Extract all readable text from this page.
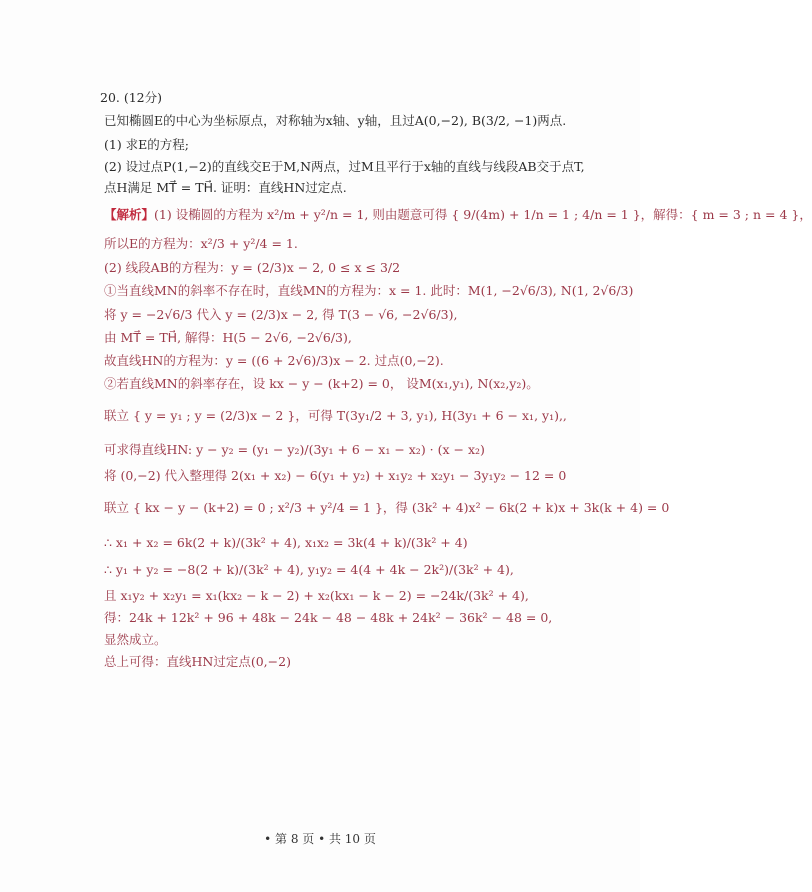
20. (12分)
已知椭圆E的中心为坐标原点，对称轴为x轴、y轴，且过A(0,−2), B(3/2, −1)两点.
(1) 求E的方程;
(2) 设过点P(1,−2)的直线交E于M,N两点，过M且平行于x轴的直线与线段AB交于点T,
点H满足 MT⃗ = TH⃗. 证明：直线HN过定点.
【解析】(1) 设椭圆的方程为 x²/m + y²/n = 1, 则由题意可得 { 9/(4m) + 1/n = 1 ; 4/n = 1 }，解得：{ m = 3 ; n = 4 }，
所以E的方程为：x²/3 + y²/4 = 1.
(2) 线段AB的方程为：y = (2/3)x − 2, 0 ≤ x ≤ 3/2
①当直线MN的斜率不存在时，直线MN的方程为：x = 1. 此时：M(1, −2√6/3), N(1, 2√6/3)
将 y = −2√6/3 代入 y = (2/3)x − 2, 得 T(3 − √6, −2√6/3),
由 MT⃗ = TH⃗, 解得：H(5 − 2√6, −2√6/3),
故直线HN的方程为：y = ((6 + 2√6)/3)x − 2. 过点(0,−2).
②若直线MN的斜率存在，设 kx − y − (k+2) = 0， 设M(x₁,y₁), N(x₂,y₂)。
联立 { y = y₁ ; y = (2/3)x − 2 }，可得 T(3y₁/2 + 3, y₁), H(3y₁ + 6 − x₁, y₁),,
可求得直线HN: y − y₂ = (y₁ − y₂)/(3y₁ + 6 − x₁ − x₂) · (x − x₂)
将 (0,−2) 代入整理得 2(x₁ + x₂) − 6(y₁ + y₂) + x₁y₂ + x₂y₁ − 3y₁y₂ − 12 = 0
联立 { kx − y − (k+2) = 0 ; x²/3 + y²/4 = 1 }，得 (3k² + 4)x² − 6k(2 + k)x + 3k(k + 4) = 0
∴ x₁ + x₂ = 6k(2 + k)/(3k² + 4), x₁x₂ = 3k(4 + k)/(3k² + 4)
∴ y₁ + y₂ = −8(2 + k)/(3k² + 4), y₁y₂ = 4(4 + 4k − 2k²)/(3k² + 4),
且 x₁y₂ + x₂y₁ = x₁(kx₂ − k − 2) + x₂(kx₁ − k − 2) = −24k/(3k² + 4),
得：24k + 12k² + 96 + 48k − 24k − 48 − 48k + 24k² − 36k² − 48 = 0,
显然成立。
总上可得：直线HN过定点(0,−2)
• 第 8 页 • 共 10 页
